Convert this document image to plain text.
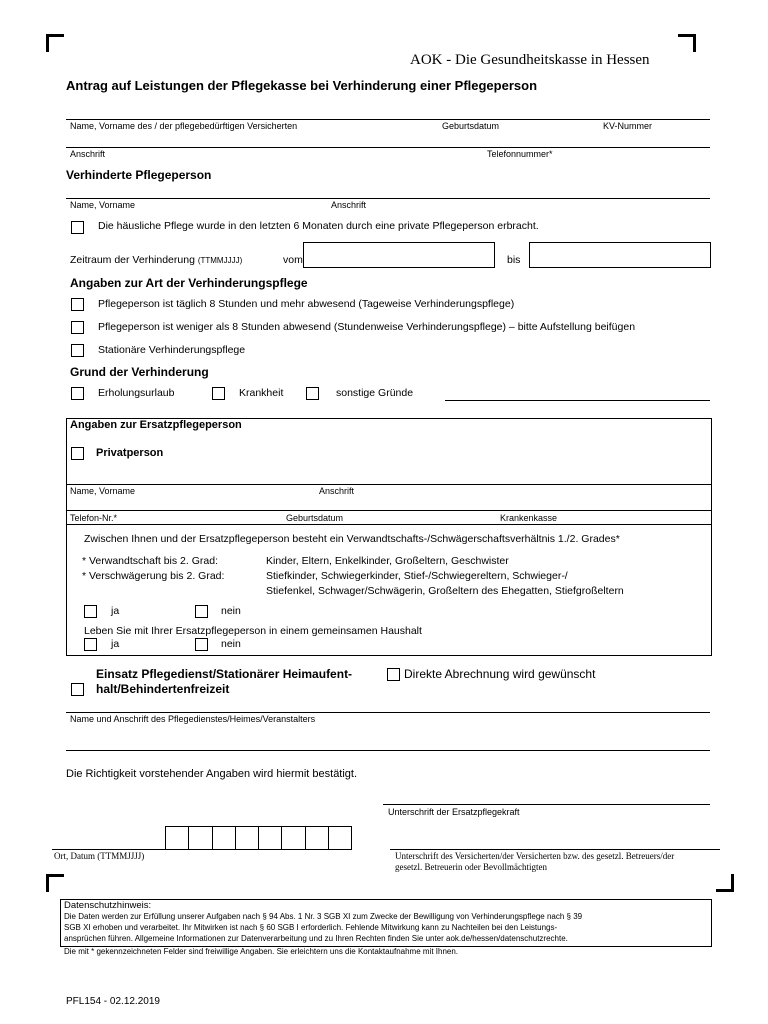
AOK - Die Gesundheitskasse in Hessen
Antrag auf Leistungen der Pflegekasse bei Verhinderung einer Pflegeperson
Name, Vorname des / der pflegebedürftigen Versicherten	Geburtsdatum	KV-Nummer
Anschrift	Telefonnummer*
Verhinderte Pflegeperson
Name, Vorname	Anschrift
Die häusliche Pflege wurde in den letzten 6 Monaten durch eine private Pflegeperson erbracht.
Zeitraum der Verhinderung (TTMMJJJJ)	vom	bis
Angaben zur Art der Verhinderungspflege
Pflegeperson ist täglich 8 Stunden und mehr abwesend (Tageweise Verhinderungspflege)
Pflegeperson ist weniger als 8 Stunden abwesend (Stundenweise Verhinderungspflege) – bitte Aufstellung beifügen
Stationäre Verhinderungspflege
Grund der Verhinderung
Erholungsurlaub	Krankheit	sonstige Gründe
Angaben zur Ersatzpflegeperson
Privatperson
Name, Vorname	Anschrift
Telefon-Nr.*	Geburtsdatum	Krankenkasse
Zwischen Ihnen und der Ersatzpflegeperson besteht ein Verwandtschafts-/Schwägerschaftsverhältnis 1./2. Grades*
* Verwandtschaft bis 2. Grad:	Kinder, Eltern, Enkelkinder, Großeltern, Geschwister
* Verschwägerung bis 2. Grad:	Stiefkinder, Schwiegerkinder, Stief-/Schwiegereltern, Schwieger-/
Stiefenkel, Schwager/Schwägerin, Großeltern des Ehegatten, Stiefgroßeltern
ja	nein
Leben Sie mit Ihrer Ersatzpflegeperson in einem gemeinsamen Haushalt
ja	nein
Einsatz Pflegedienst/Stationärer Heimaufent-
halt/Behindertenfreizeit
Direkte Abrechnung wird gewünscht
Name und Anschrift des Pflegedienstes/Heimes/Veranstalters
Die Richtigkeit vorstehender Angaben wird hiermit bestätigt.
Unterschrift der Ersatzpflegekraft
Ort, Datum (TTMMJJJJ)	Unterschrift des Versicherten/der Versicherten bzw. des gesetzl. Betreuers/der
gesetzl. Betreuerin oder Bevollmächtigten
Datenschutzhinweis:
Die Daten werden zur Erfüllung unserer Aufgaben nach § 94 Abs. 1 Nr. 3 SGB XI zum Zwecke der Bewilligung von Verhinderungspflege nach § 39
SGB XI erhoben und verarbeitet. Ihr Mitwirken ist nach § 60 SGB I erforderlich. Fehlende Mitwirkung kann zu Nachteilen bei den Leistungs-
ansprüchen führen. Allgemeine Informationen zur Datenverarbeitung und zu Ihren Rechten finden Sie unter aok.de/hessen/datenschutzrechte.
Die mit * gekennzeichneten Felder sind freiwillige Angaben. Sie erleichtern uns die Kontaktaufnahme mit Ihnen.
PFL154 - 02.12.2019
